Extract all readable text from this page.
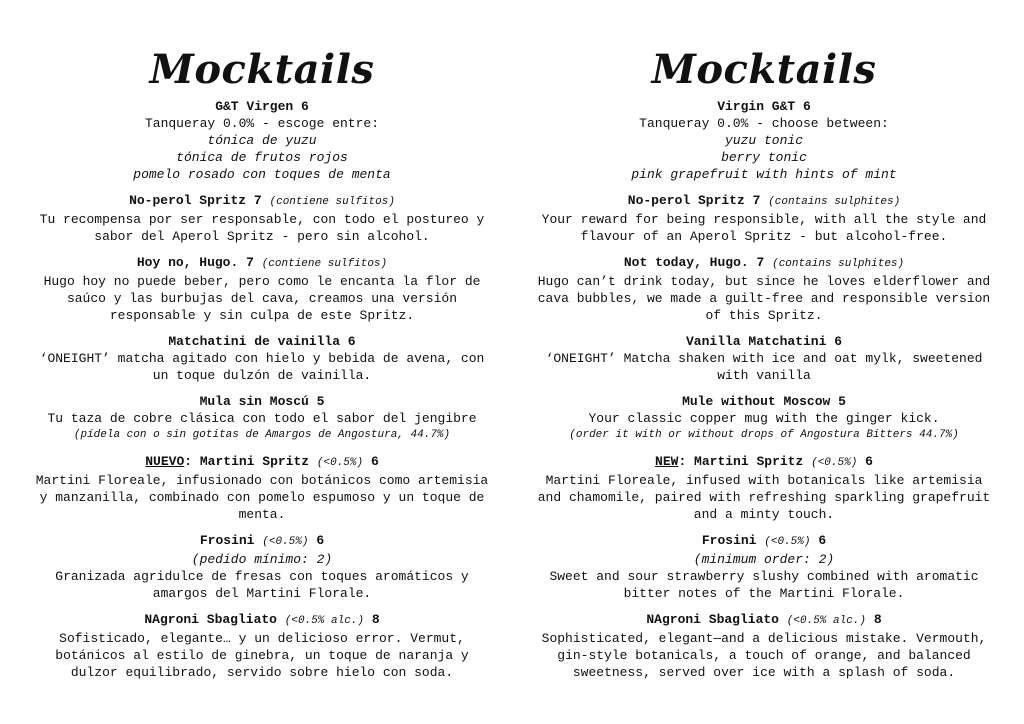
Mocktails
G&T Virgen 6
Tanqueray 0.0% - escoge entre:
tónica de yuzu
tónica de frutos rojos
pomelo rosado con toques de menta
No-perol Spritz 7 (contiene sulfitos)
Tu recompensa por ser responsable, con todo el postureo y sabor del Aperol Spritz - pero sin alcohol.
Hoy no, Hugo. 7 (contiene sulfitos)
Hugo hoy no puede beber, pero como le encanta la flor de saúco y las burbujas del cava, creamos una versión responsable y sin culpa de este Spritz.
Matchatini de vainilla 6
‘ONEIGHT’ matcha agitado con hielo y bebida de avena, con un toque dulzón de vainilla.
Mula sin Moscú 5
Tu taza de cobre clásica con todo el sabor del jengibre
(pídela con o sin gotitas de Amargos de Angostura, 44.7%)
NUEVO: Martini Spritz (<0.5%) 6
Martini Floreale, infusionado con botánicos como artemisia y manzanilla, combinado con pomelo espumoso y un toque de menta.
Frosini (<0.5%) 6
(pedido mínimo: 2)
Granizada agridulce de fresas con toques aromáticos y amargos del Martini Florale.
NAgroni Sbagliato (<0.5% alc.) 8
Sofisticado, elegante… y un delicioso error. Vermut, botánicos al estilo de ginebra, un toque de naranja y dulzor equilibrado, servido sobre hielo con soda.
Mocktails
Virgin G&T 6
Tanqueray 0.0% - choose between:
yuzu tonic
berry tonic
pink grapefruit with hints of mint
No-perol Spritz 7 (contains sulphites)
Your reward for being responsible, with all the style and flavour of an Aperol Spritz - but alcohol-free.
Not today, Hugo. 7 (contains sulphites)
Hugo can’t drink today, but since he loves elderflower and cava bubbles, we made a guilt-free and responsible version of this Spritz.
Vanilla Matchatini 6
‘ONEIGHT’ Matcha shaken with ice and oat mylk, sweetened with vanilla
Mule without Moscow 5
Your classic copper mug with the ginger kick.
(order it with or without drops of Angostura Bitters 44.7%)
NEW: Martini Spritz (<0.5%) 6
Martini Floreale, infused with botanicals like artemisia and chamomile, paired with refreshing sparkling grapefruit and a minty touch.
Frosini (<0.5%) 6
(minimum order: 2)
Sweet and sour strawberry slushy combined with aromatic bitter notes of the Martini Florale.
NAgroni Sbagliato (<0.5% alc.) 8
Sophisticated, elegant—and a delicious mistake. Vermouth, gin-style botanicals, a touch of orange, and balanced sweetness, served over ice with a splash of soda.
